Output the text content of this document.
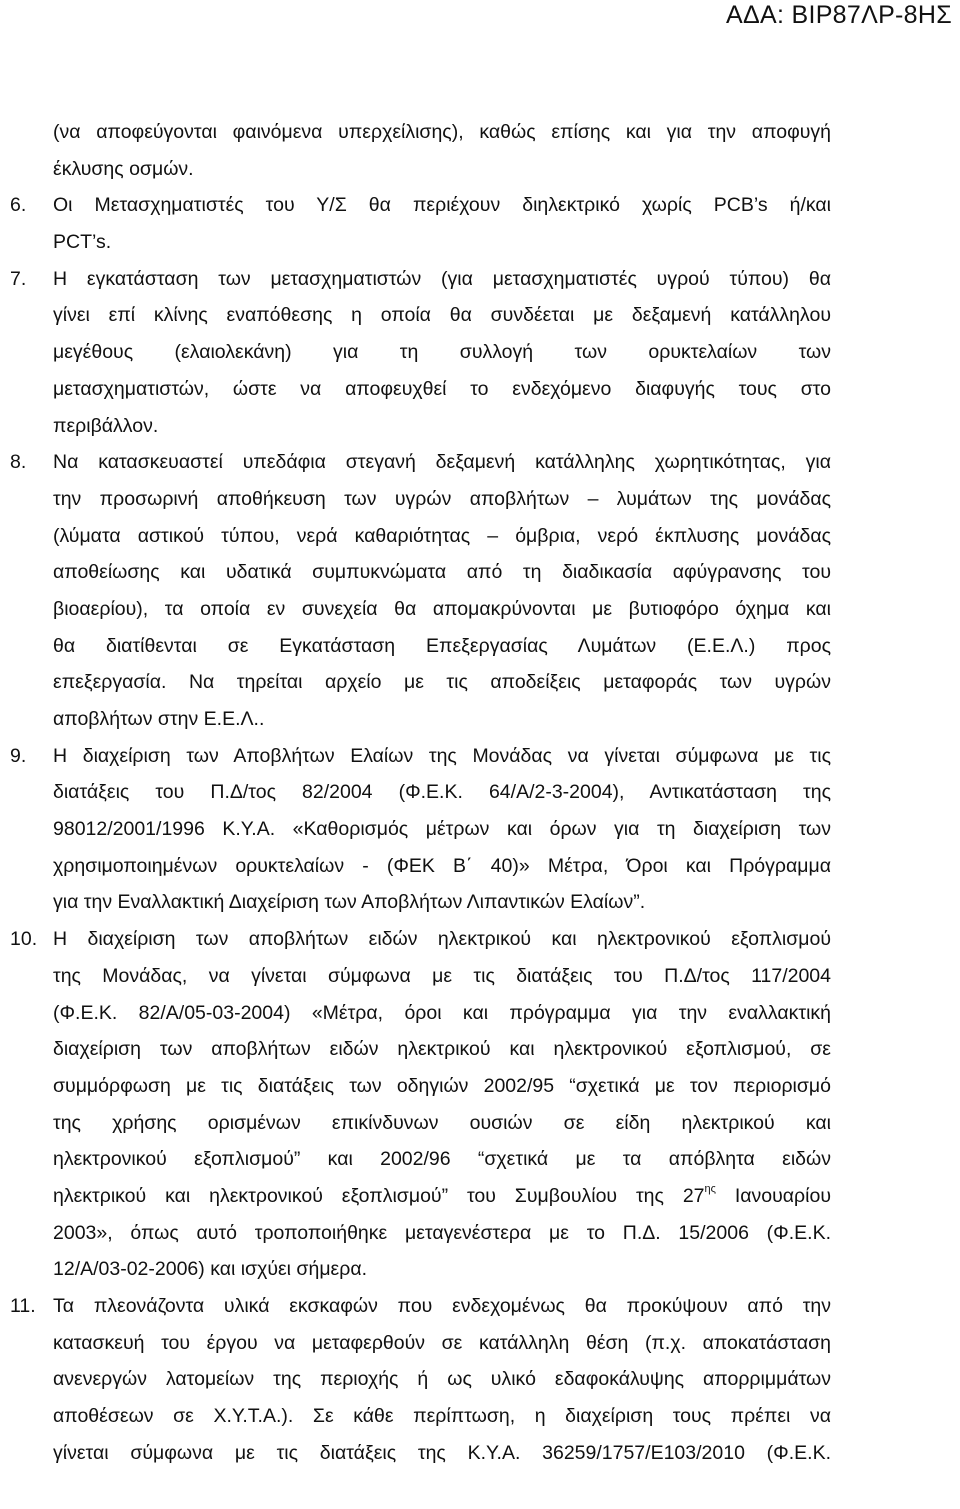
ΑΔΑ: ΒΙΡ87ΛΡ-8ΗΣ
(να αποφεύγονται φαινόμενα υπερχείλισης), καθώς επίσης και για την αποφυγή
έκλυσης οσμών.
6. Οι Μετασχηματιστές του Υ/Σ θα περιέχουν διηλεκτρικό χωρίς PCB’s ή/και
PCT’s.
7. Η εγκατάσταση των μετασχηματιστών (για μετασχηματιστές υγρού τύπου) θα
γίνει επί κλίνης εναπόθεσης η οποία θα συνδέεται με δεξαμενή κατάλληλου
μεγέθους (ελαιολεκάνη) για τη συλλογή των ορυκτελαίων των
μετασχηματιστών, ώστε να αποφευχθεί το ενδεχόμενο διαφυγής τους στο
περιβάλλον.
8. Να κατασκευαστεί υπεδάφια στεγανή δεξαμενή κατάλληλης χωρητικότητας, για
την προσωρινή αποθήκευση των υγρών αποβλήτων – λυμάτων της μονάδας
(λύματα αστικού τύπου, νερά καθαριότητας – όμβρια, νερό έκπλυσης μονάδας
αποθείωσης και υδατικά συμπυκνώματα από τη διαδικασία αφύγρανσης του
βιοαερίου), τα οποία εν συνεχεία θα απομακρύνονται με βυτιοφόρο όχημα και
θα διατίθενται σε Εγκατάσταση Επεξεργασίας Λυμάτων (Ε.Ε.Λ.) προς
επεξεργασία. Να τηρείται αρχείο με τις αποδείξεις μεταφοράς των υγρών
αποβλήτων στην Ε.Ε.Λ..
9. Η διαχείριση των Αποβλήτων Ελαίων της Μονάδας να γίνεται σύμφωνα με τις
διατάξεις του Π.Δ/τος 82/2004 (Φ.Ε.Κ. 64/Α/2-3-2004), Αντικατάσταση της
98012/2001/1996 Κ.Υ.Α. «Καθορισμός μέτρων και όρων για τη διαχείριση των
χρησιμοποιημένων ορυκτελαίων - (ΦΕΚ Β΄ 40)» Μέτρα, Όροι και Πρόγραμμα
για την Εναλλακτική Διαχείριση των Αποβλήτων Λιπαντικών Ελαίων”.
10. Η διαχείριση των αποβλήτων ειδών ηλεκτρικού και ηλεκτρονικού εξοπλισμού
της Μονάδας, να γίνεται σύμφωνα με τις διατάξεις του Π.Δ/τος 117/2004
(Φ.Ε.Κ. 82/Α/05-03-2004) «Μέτρα, όροι και πρόγραμμα για την εναλλακτική
διαχείριση των αποβλήτων ειδών ηλεκτρικού και ηλεκτρονικού εξοπλισμού, σε
συμμόρφωση με τις διατάξεις των οδηγιών 2002/95 “σχετικά με τον περιορισμό
της χρήσης ορισμένων επικίνδυνων ουσιών σε είδη ηλεκτρικού και
ηλεκτρονικού εξοπλισμού” και 2002/96 “σχετικά με τα απόβλητα ειδών
ηλεκτρικού και ηλεκτρονικού εξοπλισμού” του Συμβουλίου της $27^{\eta\varsigma}$ Ιανουαρίου
2003», όπως αυτό τροποποιήθηκε μεταγενέστερα με το Π.Δ. 15/2006 (Φ.Ε.Κ.
12/Α/03-02-2006) και ισχύει σήμερα.
11. Τα πλεονάζοντα υλικά εκσκαφών που ενδεχομένως θα προκύψουν από την
κατασκευή του έργου να μεταφερθούν σε κατάλληλη θέση (π.χ. αποκατάσταση
ανενεργών λατομείων της περιοχής ή ως υλικό εδαφοκάλυψης απορριμμάτων
αποθέσεων σε Χ.Υ.Τ.Α.). Σε κάθε περίπτωση, η διαχείριση τους πρέπει να
γίνεται σύμφωνα με τις διατάξεις της Κ.Υ.Α. 36259/1757/Ε103/2010 (Φ.Ε.Κ.
